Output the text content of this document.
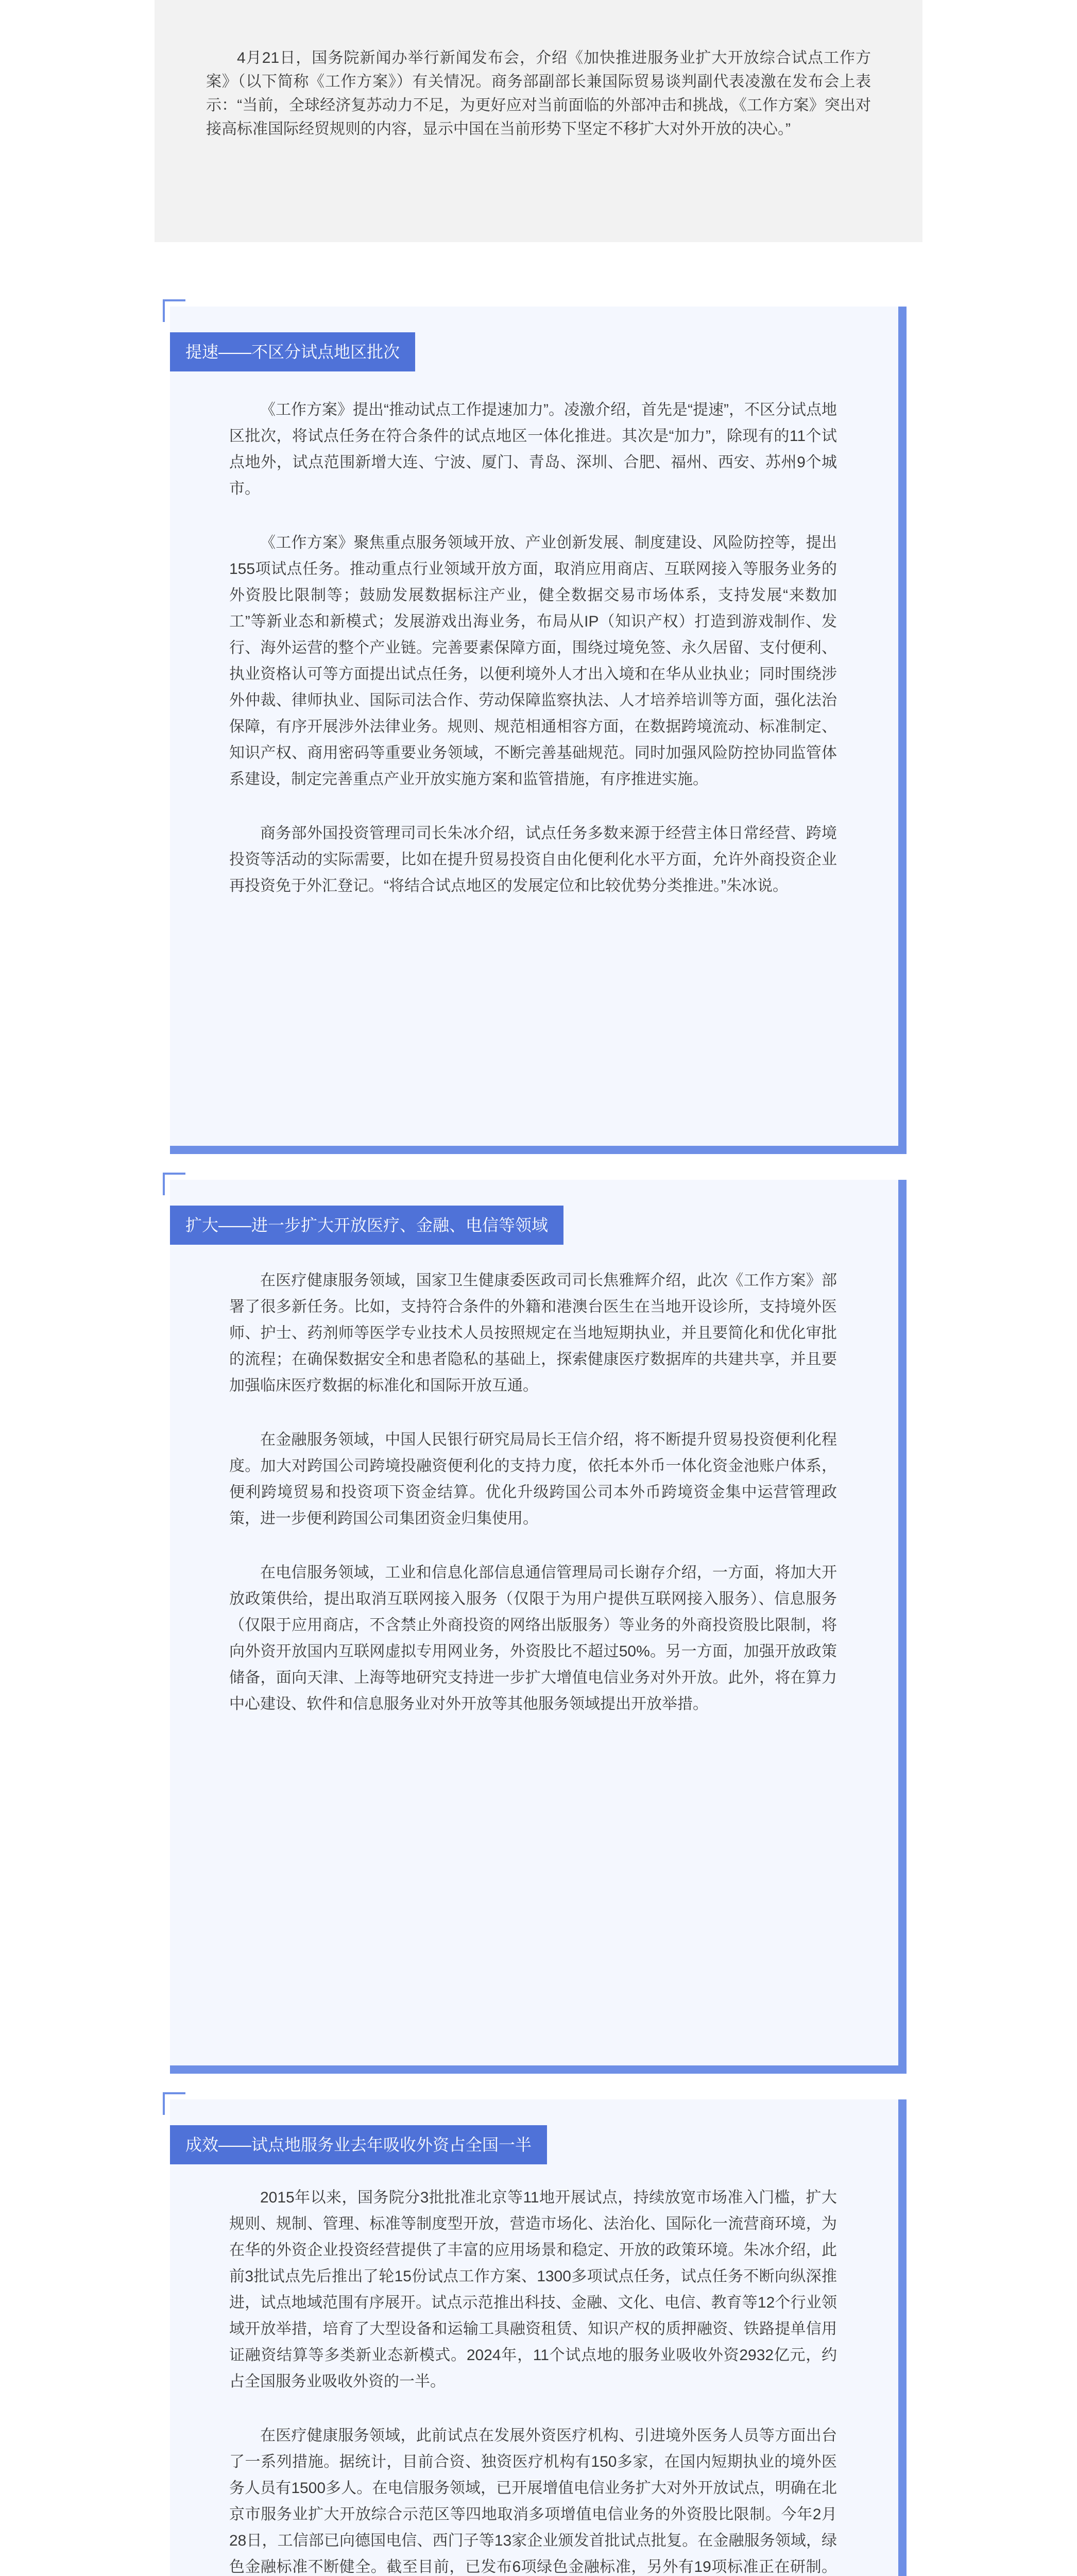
4月21日，国务院新闻办举行新闻发布会，介绍《加快推进服务业扩大开放综合试点工作方案》（以下简称《工作方案》）有关情况。商务部副部长兼国际贸易谈判副代表凌激在发布会上表示：“当前，全球经济复苏动力不足，为更好应对当前面临的外部冲击和挑战，《工作方案》突出对接高标准国际经贸规则的内容，显示中国在当前形势下坚定不移扩大对外开放的决心。”

提速——不区分试点地区批次

《工作方案》提出“推动试点工作提速加力”。凌激介绍，首先是“提速”，不区分试点地区批次，将试点任务在符合条件的试点地区一体化推进。其次是“加力”，除现有的11个试点地外，试点范围新增大连、宁波、厦门、青岛、深圳、合肥、福州、西安、苏州9个城市。

《工作方案》聚焦重点服务领域开放、产业创新发展、制度建设、风险防控等，提出155项试点任务。推动重点行业领域开放方面，取消应用商店、互联网接入等服务业务的外资股比限制等；鼓励发展数据标注产业，健全数据交易市场体系，支持发展“来数加工”等新业态和新模式；发展游戏出海业务，布局从IP（知识产权）打造到游戏制作、发行、海外运营的整个产业链。完善要素保障方面，围绕过境免签、永久居留、支付便利、执业资格认可等方面提出试点任务，以便利境外人才出入境和在华从业执业；同时围绕涉外仲裁、律师执业、国际司法合作、劳动保障监察执法、人才培养培训等方面，强化法治保障，有序开展涉外法律业务。规则、规范相通相容方面，在数据跨境流动、标准制定、知识产权、商用密码等重要业务领域，不断完善基础规范。同时加强风险防控协同监管体系建设，制定完善重点产业开放实施方案和监管措施，有序推进实施。

商务部外国投资管理司司长朱冰介绍，试点任务多数来源于经营主体日常经营、跨境投资等活动的实际需要，比如在提升贸易投资自由化便利化水平方面，允许外商投资企业再投资免于外汇登记。“将结合试点地区的发展定位和比较优势分类推进。”朱冰说。

扩大——进一步扩大开放医疗、金融、电信等领域

在医疗健康服务领域，国家卫生健康委医政司司长焦雅辉介绍，此次《工作方案》部署了很多新任务。比如，支持符合条件的外籍和港澳台医生在当地开设诊所，支持境外医师、护士、药剂师等医学专业技术人员按照规定在当地短期执业，并且要简化和优化审批的流程；在确保数据安全和患者隐私的基础上，探索健康医疗数据库的共建共享，并且要加强临床医疗数据的标准化和国际开放互通。

在金融服务领域，中国人民银行研究局局长王信介绍，将不断提升贸易投资便利化程度。加大对跨国公司跨境投融资便利化的支持力度，依托本外币一体化资金池账户体系，便利跨境贸易和投资项下资金结算。优化升级跨国公司本外币跨境资金集中运营管理政策，进一步便利跨国公司集团资金归集使用。

在电信服务领域，工业和信息化部信息通信管理局司长谢存介绍，一方面，将加大开放政策供给，提出取消互联网接入服务（仅限于为用户提供互联网接入服务）、信息服务（仅限于应用商店，不含禁止外商投资的网络出版服务）等业务的外商投资股比限制，将向外资开放国内互联网虚拟专用网业务，外资股比不超过50%。另一方面，加强开放政策储备，面向天津、上海等地研究支持进一步扩大增值电信业务对外开放。此外，将在算力中心建设、软件和信息服务业对外开放等其他服务领域提出开放举措。

成效——试点地服务业去年吸收外资占全国一半

2015年以来，国务院分3批批准北京等11地开展试点，持续放宽市场准入门槛，扩大规则、规制、管理、标准等制度型开放，营造市场化、法治化、国际化一流营商环境，为在华的外资企业投资经营提供了丰富的应用场景和稳定、开放的政策环境。朱冰介绍，此前3批试点先后推出了轮15份试点工作方案、1300多项试点任务，试点任务不断向纵深推进，试点地域范围有序展开。试点示范推出科技、金融、文化、电信、教育等12个行业领域开放举措，培育了大型设备和运输工具融资租赁、知识产权的质押融资、铁路提单信用证融资结算等多类新业态新模式。2024年，11个试点地的服务业吸收外资2932亿元，约占全国服务业吸收外资的一半。

在医疗健康服务领域，此前试点在发展外资医疗机构、引进境外医务人员等方面出台了一系列措施。据统计，目前合资、独资医疗机构有150多家，在国内短期执业的境外医务人员有1500多人。在电信服务领域，已开展增值电信业务扩大对外开放试点，明确在北京市服务业扩大开放综合示范区等四地取消多项增值电信业务的外资股比限制。今年2月28日，工信部已向德国电信、西门子等13家企业颁发首批试点批复。在金融服务领域，绿色金融标准不断健全。截至目前，已发布6项绿色金融标准，另外有19项标准正在研制。
